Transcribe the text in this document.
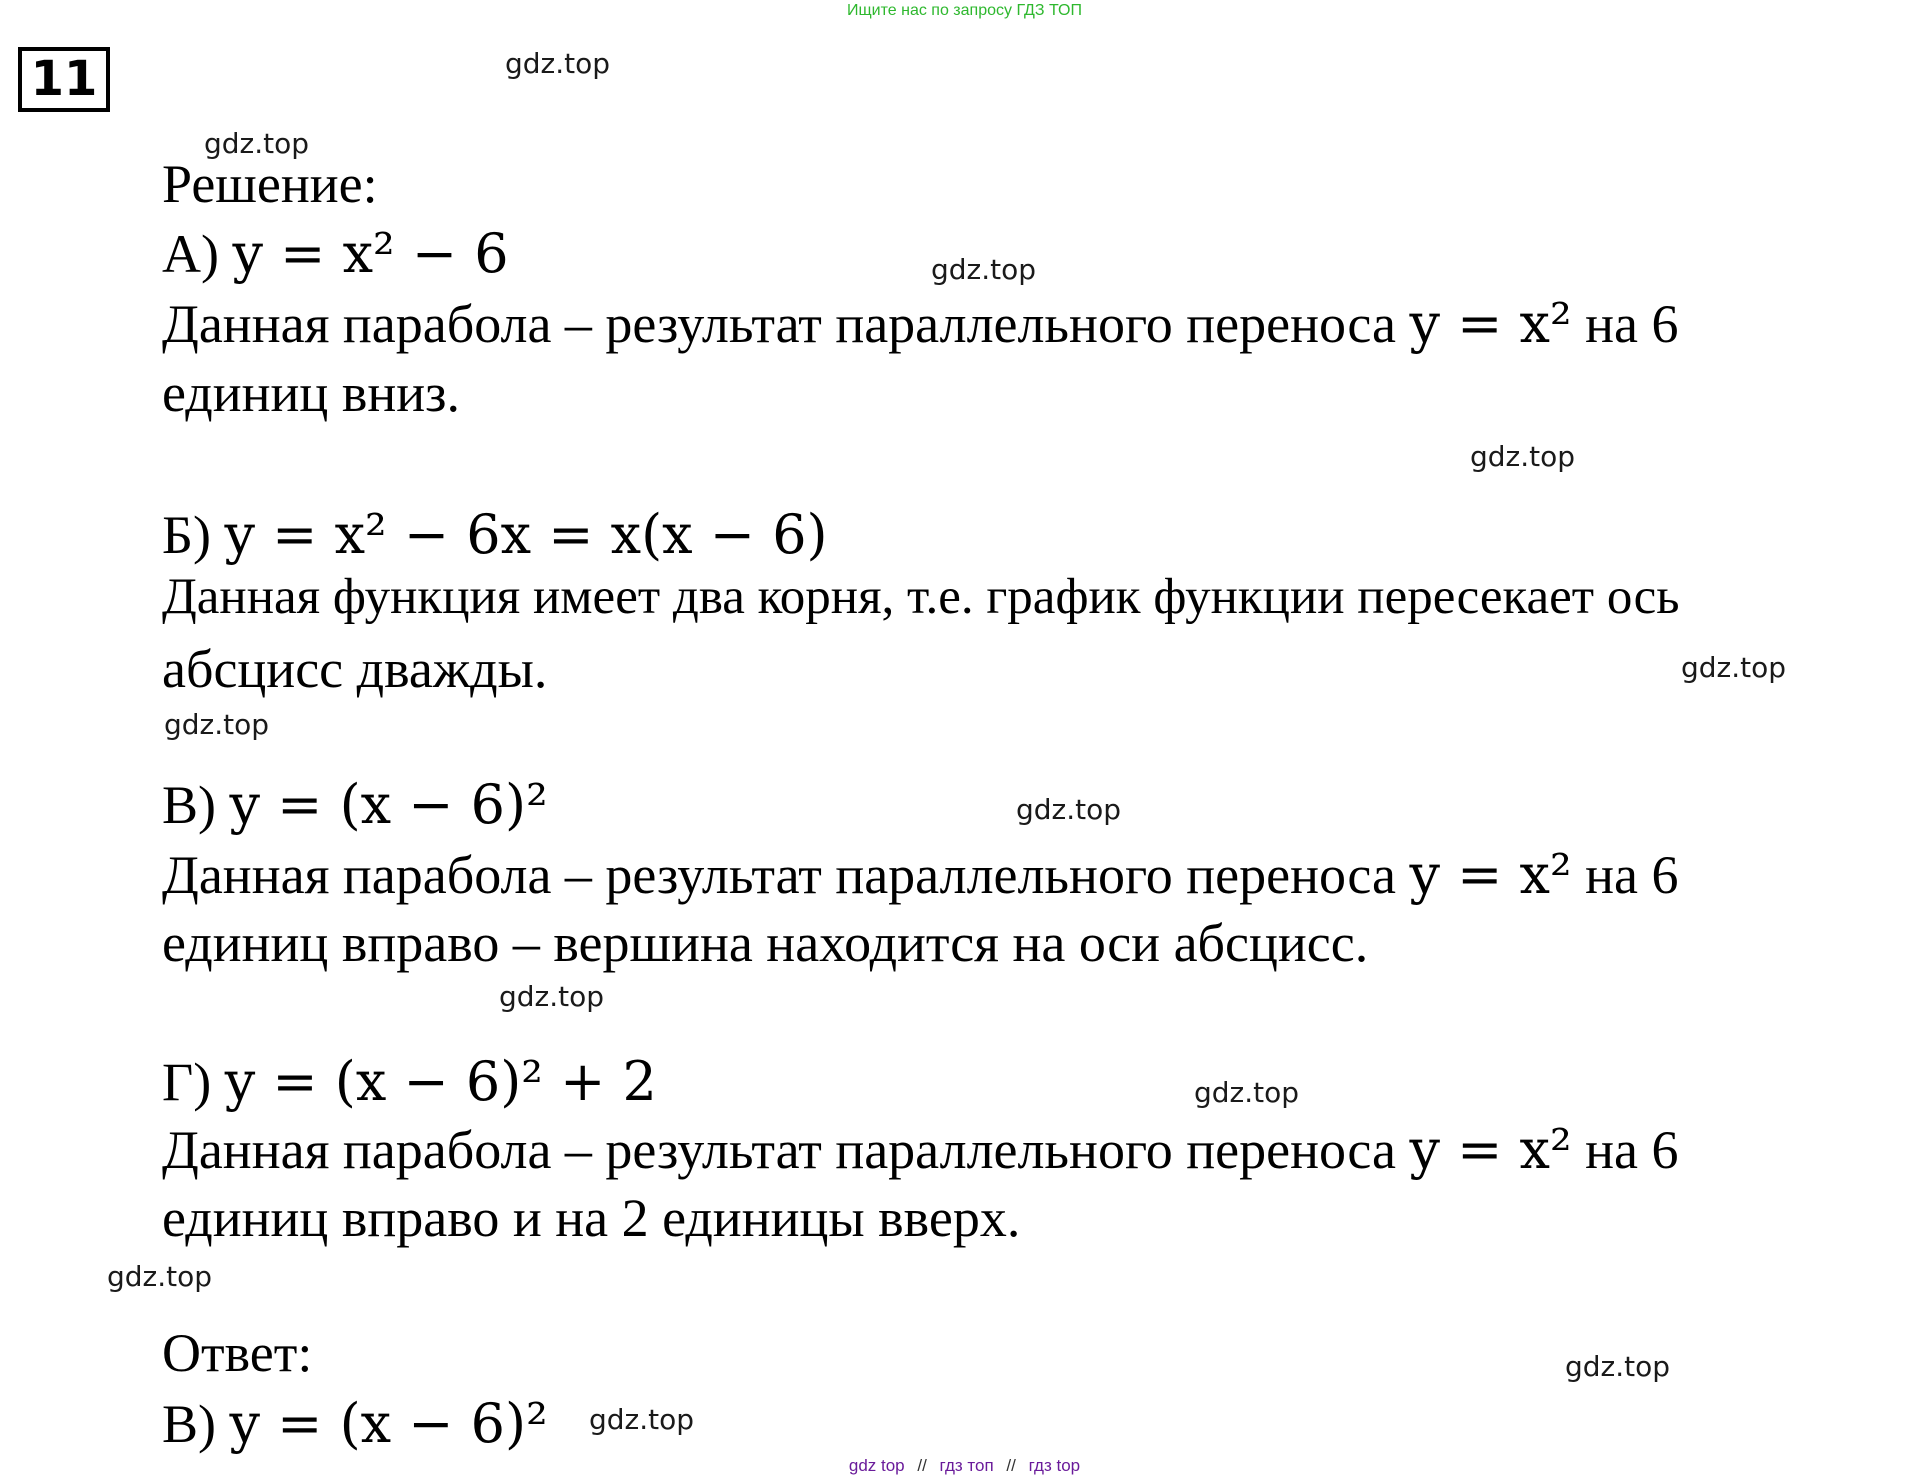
Ищите нас по запросу ГДЗ ТОП
11	gdz.top
gdz.top
gdz.top
gdz.top
gdz.top
gdz.top
gdz.top
gdz.top
gdz.top
gdz.top
gdz.top
gdz.top
Решение:
А) y = x² − 6
Данная парабола – результат параллельного переноса y = x² на 6
единиц вниз.
Б) y = x² − 6x = x(x − 6)
Данная функция имеет два корня, т.е. график функции пересекает ось
абсцисс дважды.
В) y = (x − 6)²
Данная парабола – результат параллельного переноса y = x² на 6
единиц вправо – вершина находится на оси абсцисс.
Г) y = (x − 6)² + 2
Данная парабола – результат параллельного переноса y = x² на 6
единиц вправо и на 2 единицы вверх.
Ответ:
В) y = (x − 6)²
gdz top // гдз топ // гдз top
